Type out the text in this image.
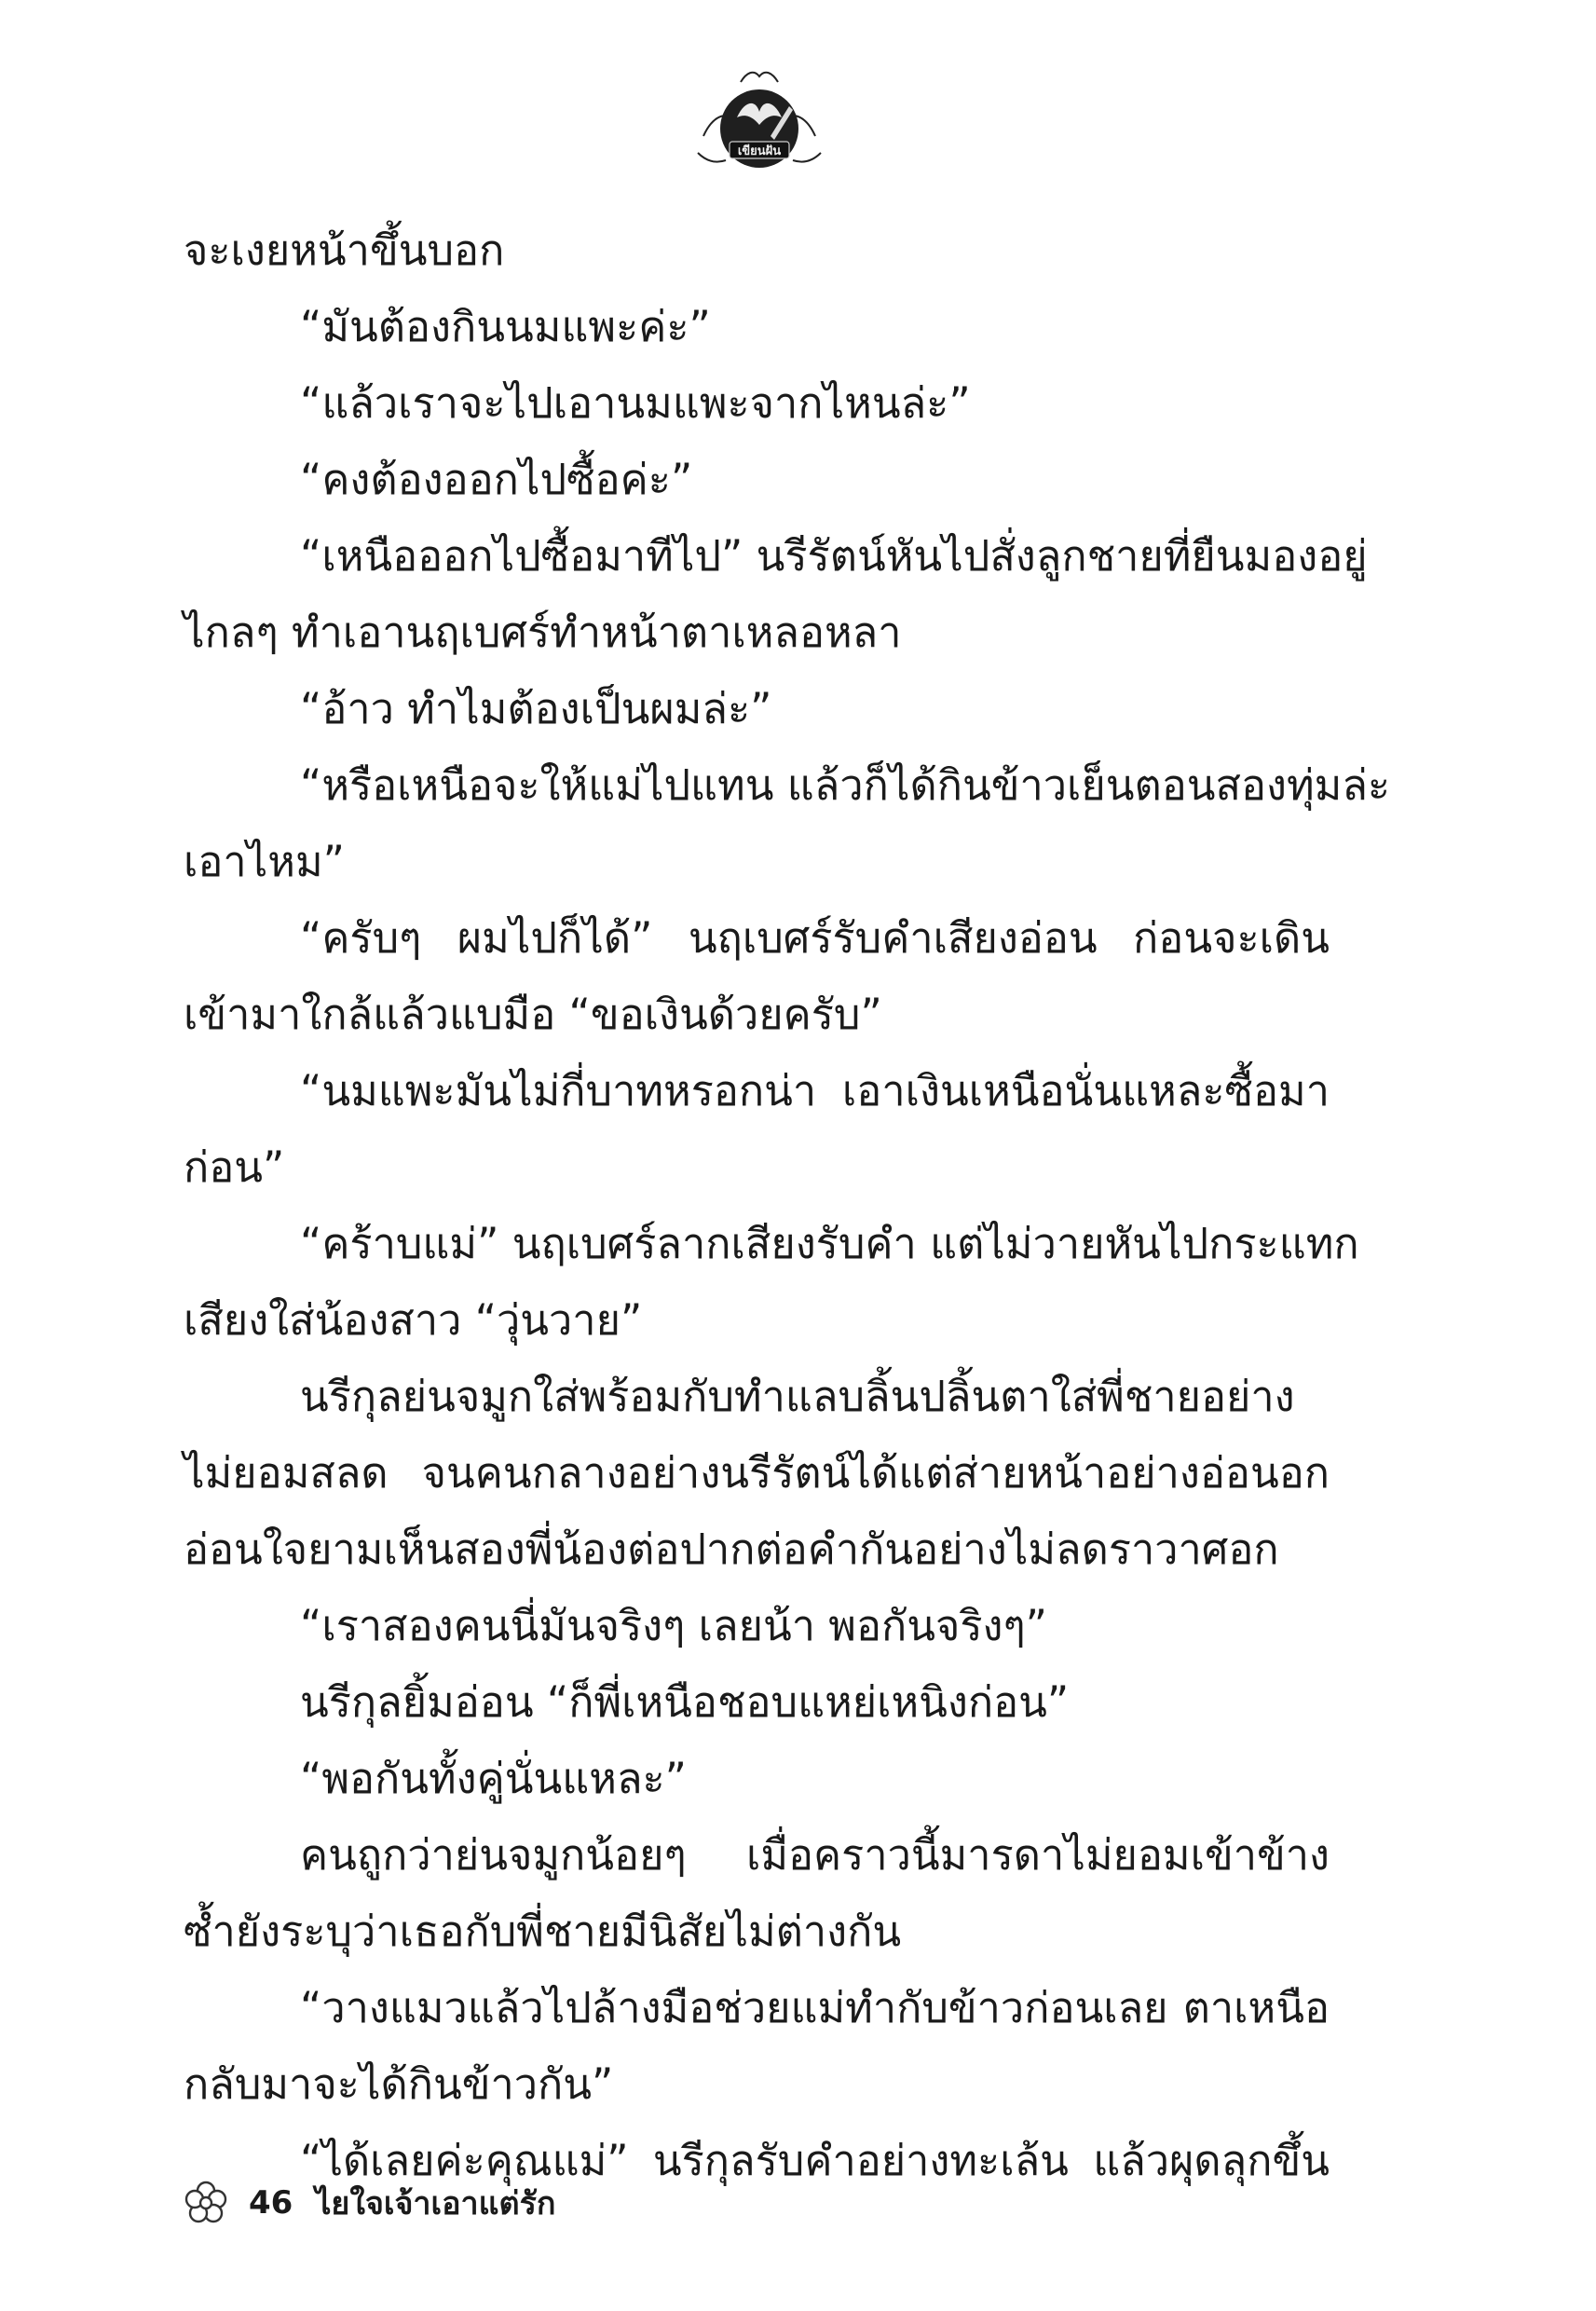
เขียนฝัน
จะเงยหน้าขึ้นบอก
“มันต้องกินนมแพะค่ะ”
“แล้วเราจะไปเอานมแพะจากไหนล่ะ”
“คงต้องออกไปซื้อค่ะ”
“เหนือออกไปซื้อมาทีไป” นรีรัตน์หันไปสั่งลูกชายที่ยืนมองอยู่
ไกลๆ ทำเอานฤเบศร์ทำหน้าตาเหลอหลา
“อ้าว ทำไมต้องเป็นผมล่ะ”
“หรือเหนือจะให้แม่ไปแทน แล้วก็ได้กินข้าวเย็นตอนสองทุ่มล่ะ
เอาไหม”
“ครับๆ ผมไปก็ได้” นฤเบศร์รับคำเสียงอ่อน ก่อนจะเดิน
เข้ามาใกล้แล้วแบมือ “ขอเงินด้วยครับ”
“นมแพะมันไม่กี่บาทหรอกน่า เอาเงินเหนือนั่นแหละซื้อมา
ก่อน”
“คร้าบแม่” นฤเบศร์ลากเสียงรับคำ แต่ไม่วายหันไปกระแทก
เสียงใส่น้องสาว “วุ่นวาย”
นรีกุลย่นจมูกใส่พร้อมกับทำแลบลิ้นปลิ้นตาใส่พี่ชายอย่าง
ไม่ยอมสลด จนคนกลางอย่างนรีรัตน์ได้แต่ส่ายหน้าอย่างอ่อนอก
อ่อนใจยามเห็นสองพี่น้องต่อปากต่อคำกันอย่างไม่ลดราวาศอก
“เราสองคนนี่มันจริงๆ เลยน้า พอกันจริงๆ”
นรีกุลยิ้มอ่อน “ก็พี่เหนือชอบแหย่เหนิงก่อน”
“พอกันทั้งคู่นั่นแหละ”
คนถูกว่าย่นจมูกน้อยๆ เมื่อคราวนี้มารดาไม่ยอมเข้าข้าง
ซ้ำยังระบุว่าเธอกับพี่ชายมีนิสัยไม่ต่างกัน
“วางแมวแล้วไปล้างมือช่วยแม่ทำกับข้าวก่อนเลย ตาเหนือ
กลับมาจะได้กินข้าวกัน”
“ได้เลยค่ะคุณแม่” นรีกุลรับคำอย่างทะเล้น แล้วผุดลุกขึ้น
46 ไยใจเจ้าเอาแต่รัก
